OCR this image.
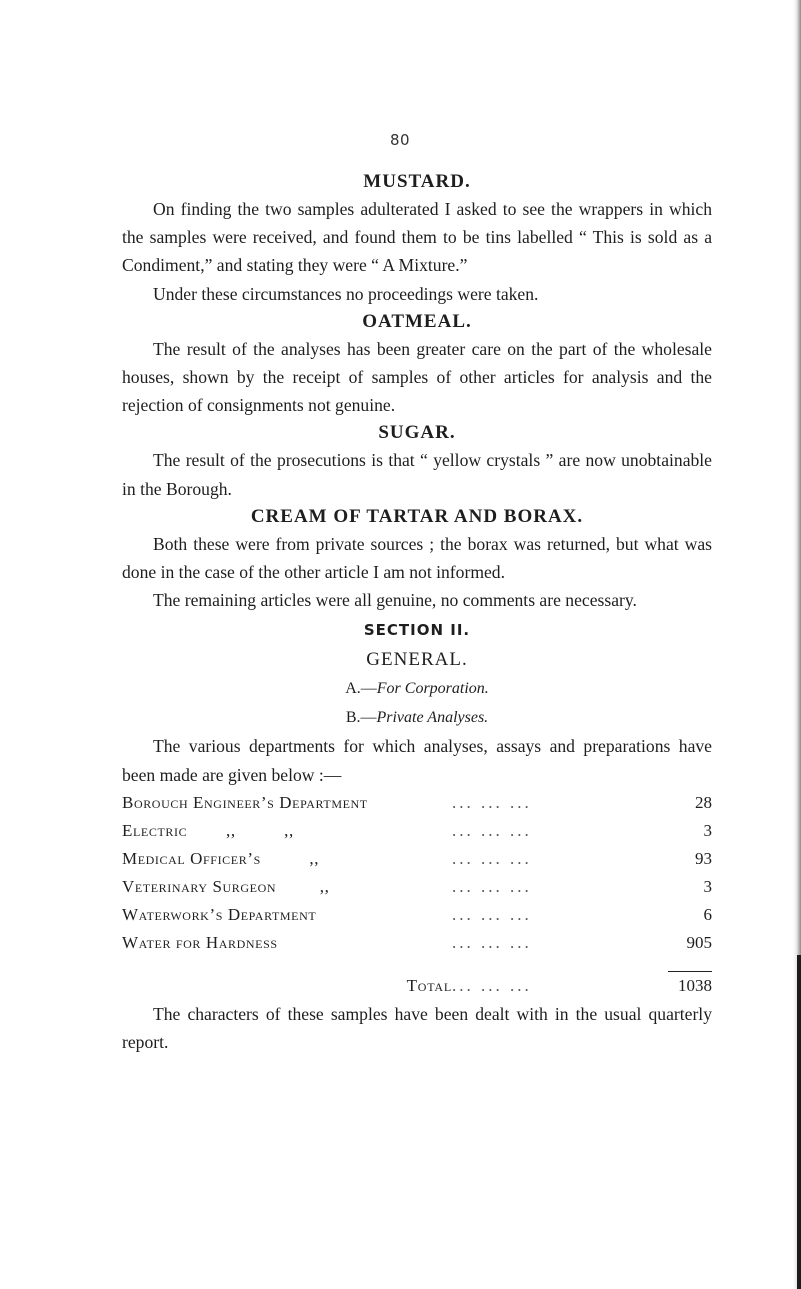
80
MUSTARD.

On finding the two samples adulterated I asked to see the wrappers in which the samples were received, and found them to be tins labelled “ This is sold as a Condiment,” and stating they were “ A Mixture.”

Under these circumstances no proceedings were taken.

OATMEAL.

The result of the analyses has been greater care on the part of the wholesale houses, shown by the receipt of samples of other articles for analysis and the rejection of consignments not genuine.

SUGAR.

The result of the prosecutions is that “ yellow crystals ” are now unobtainable in the Borough.

CREAM OF TARTAR AND BORAX.

Both these were from private sources ; the borax was returned, but what was done in the case of the other article I am not informed.

The remaining articles were all genuine, no comments are necessary.

SECTION II.
GENERAL.

A.—For Corporation.

B.—Private Analyses.

The various departments for which analyses, assays and preparations have been made are given below :—

Borouch Engineer’s Department	... ... ...	28
Electric        ,,          ,,	... ... ...	3
Medical Officer’s          ,,	... ... ...	93
Veterinary Surgeon         ,,	... ... ...	3
Waterwork’s Department	... ... ...	6
Water for Hardness	... ... ...	905

Total	... ... ...	1038

The characters of these samples have been dealt with in the usual quarterly report.
